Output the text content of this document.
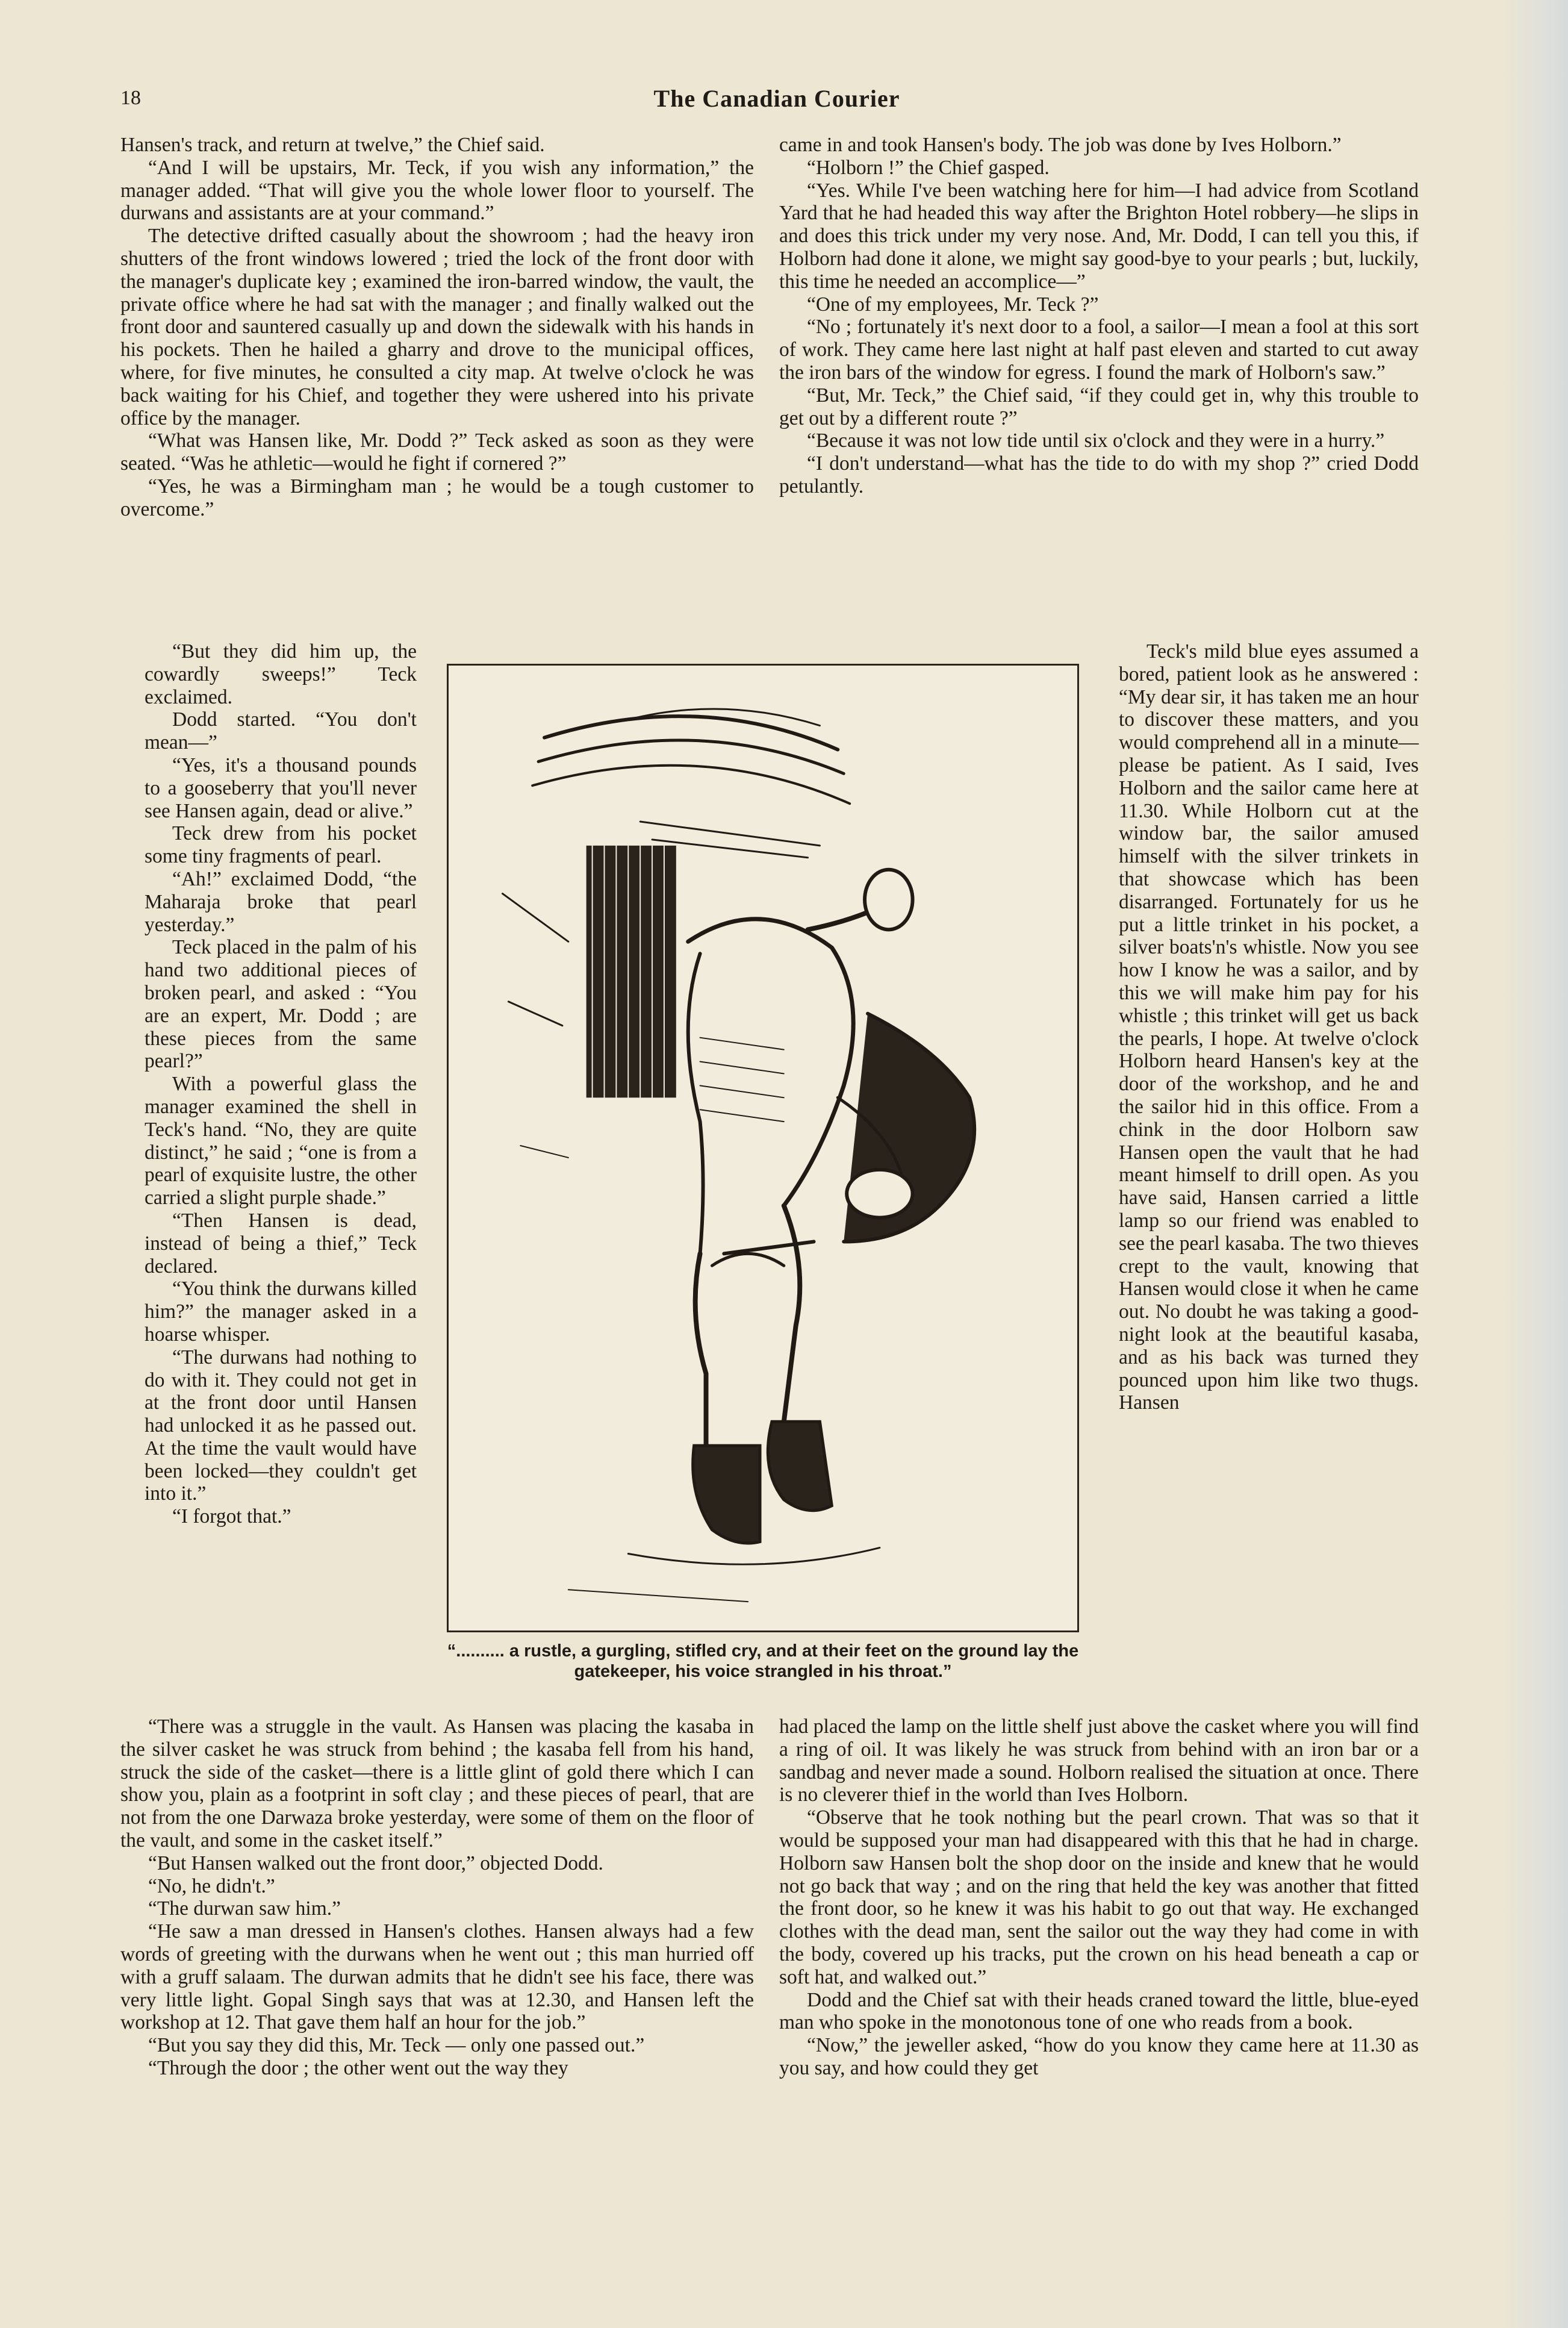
18	The Canadian Courier

Hansen's track, and return at twelve,” the Chief said.

“And I will be upstairs, Mr. Teck, if you wish any information,” the manager added. “That will give you the whole lower floor to yourself. The durwans and assistants are at your command.”

The detective drifted casually about the showroom ; had the heavy iron shutters of the front windows lowered ; tried the lock of the front door with the manager's duplicate key ; examined the iron-barred window, the vault, the private office where he had sat with the manager ; and finally walked out the front door and sauntered casually up and down the sidewalk with his hands in his pockets. Then he hailed a gharry and drove to the municipal offices, where, for five minutes, he consulted a city map. At twelve o'clock he was back waiting for his Chief, and together they were ushered into his private office by the manager.

“What was Hansen like, Mr. Dodd ?” Teck asked as soon as they were seated. “Was he athletic—would he fight if cornered ?”

“Yes, he was a Birmingham man ; he would be a tough customer to overcome.”

“But they did him up, the cowardly sweeps!” Teck exclaimed.

Dodd started. “You don't mean—”

“Yes, it's a thousand pounds to a gooseberry that you'll never see Hansen again, dead or alive.”

Teck drew from his pocket some tiny fragments of pearl.

“Ah!” exclaimed Dodd, “the Maharaja broke that pearl yesterday.”

Teck placed in the palm of his hand two additional pieces of broken pearl, and asked : “You are an expert, Mr. Dodd ; are these pieces from the same pearl?”

With a powerful glass the manager examined the shell in Teck's hand. “No, they are quite distinct,” he said ; “one is from a pearl of exquisite lustre, the other carried a slight purple shade.”

“Then Hansen is dead, instead of being a thief,” Teck declared.

“You think the durwans killed him?” the manager asked in a hoarse whisper.

“The durwans had nothing to do with it. They could not get in at the front door until Hansen had unlocked it as he passed out. At the time the vault would have been locked—they couldn't get into it.”

“I forgot that.”

came in and took Hansen's body. The job was done by Ives Holborn.”

“Holborn !” the Chief gasped.

“Yes. While I've been watching here for him—I had advice from Scotland Yard that he had headed this way after the Brighton Hotel robbery—he slips in and does this trick under my very nose. And, Mr. Dodd, I can tell you this, if Holborn had done it alone, we might say good-bye to your pearls ; but, luckily, this time he needed an accomplice—”

“One of my employees, Mr. Teck ?”

“No ; fortunately it's next door to a fool, a sailor—I mean a fool at this sort of work. They came here last night at half past eleven and started to cut away the iron bars of the window for egress. I found the mark of Holborn's saw.”

“But, Mr. Teck,” the Chief said, “if they could get in, why this trouble to get out by a different route ?”

“Because it was not low tide until six o'clock and they were in a hurry.”

“I don't understand—what has the tide to do with my shop ?” cried Dodd petulantly.

Teck's mild blue eyes assumed a bored, patient look as he answered : “My dear sir, it has taken me an hour to discover these matters, and you would comprehend all in a minute—please be patient. As I said, Ives Holborn and the sailor came here at 11.30. While Holborn cut at the window bar, the sailor amused himself with the silver trinkets in that showcase which has been disarranged. Fortunately for us he put a little trinket in his pocket, a silver boats'n's whistle. Now you see how I know he was a sailor, and by this we will make him pay for his whistle ; this trinket will get us back the pearls, I hope. At twelve o'clock Holborn heard Hansen's key at the door of the workshop, and he and the sailor hid in this office. From a chink in the door Holborn saw Hansen open the vault that he had meant himself to drill open. As you have said, Hansen carried a little lamp so our friend was enabled to see the pearl kasaba. The two thieves crept to the vault, knowing that Hansen would close it when he came out. No doubt he was taking a good-night look at the beautiful kasaba, and as his back was turned they pounced upon him like two thugs. Hansen

“.......... a rustle, a gurgling, stifled cry, and at their feet on the ground lay the gatekeeper, his voice strangled in his throat.”

“There was a struggle in the vault. As Hansen was placing the kasaba in the silver casket he was struck from behind ; the kasaba fell from his hand, struck the side of the casket—there is a little glint of gold there which I can show you, plain as a footprint in soft clay ; and these pieces of pearl, that are not from the one Darwaza broke yesterday, were some of them on the floor of the vault, and some in the casket itself.”

“But Hansen walked out the front door,” objected Dodd.

“No, he didn't.”

“The durwan saw him.”

“He saw a man dressed in Hansen's clothes. Hansen always had a few words of greeting with the durwans when he went out ; this man hurried off with a gruff salaam. The durwan admits that he didn't see his face, there was very little light. Gopal Singh says that was at 12.30, and Hansen left the workshop at 12. That gave them half an hour for the job.”

“But you say they did this, Mr. Teck — only one passed out.”

“Through the door ; the other went out the way they

had placed the lamp on the little shelf just above the casket where you will find a ring of oil. It was likely he was struck from behind with an iron bar or a sandbag and never made a sound. Holborn realised the situation at once. There is no cleverer thief in the world than Ives Holborn.

“Observe that he took nothing but the pearl crown. That was so that it would be supposed your man had disappeared with this that he had in charge. Holborn saw Hansen bolt the shop door on the inside and knew that he would not go back that way ; and on the ring that held the key was another that fitted the front door, so he knew it was his habit to go out that way. He exchanged clothes with the dead man, sent the sailor out the way they had come in with the body, covered up his tracks, put the crown on his head beneath a cap or soft hat, and walked out.”

Dodd and the Chief sat with their heads craned toward the little, blue-eyed man who spoke in the monotonous tone of one who reads from a book.

“Now,” the jeweller asked, “how do you know they came here at 11.30 as you say, and how could they get
